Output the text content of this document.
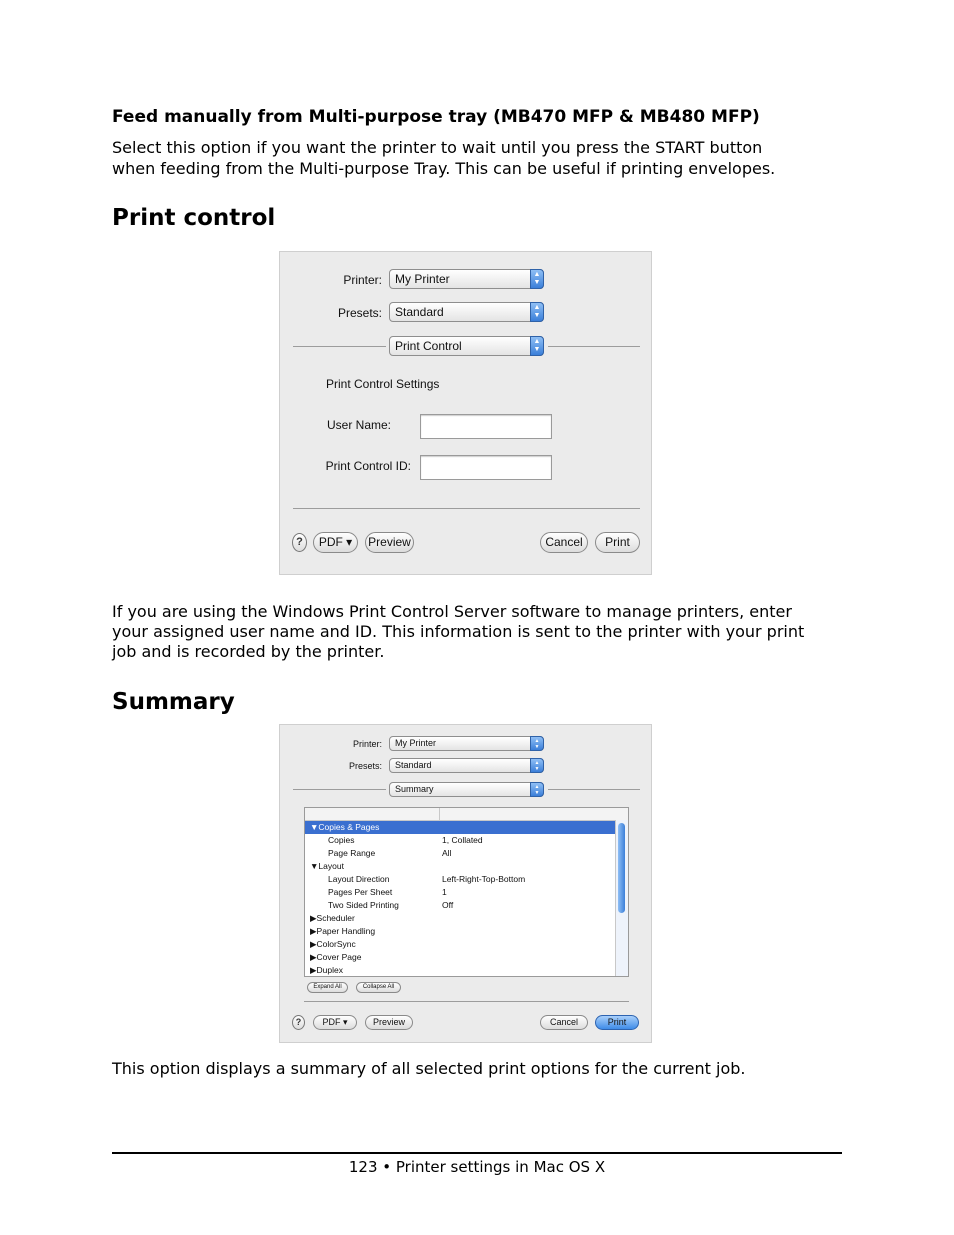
Feed manually from Multi-purpose tray (MB470 MFP & MB480 MFP)
Select this option if you want the printer to wait until you press the START button
when feeding from the Multi-purpose Tray. This can be useful if printing envelopes.
Print control
Printer: My Printer	▲
▼
Presets: Standard	▲
▼
Print Control	▲
▼
Print Control Settings
User Name:
Print Control ID:
?	PDF ▾	Preview	Cancel	Print
If you are using the Windows Print Control Server software to manage printers, enter
your assigned user name and ID. This information is sent to the printer with your print
job and is recorded by the printer.
Summary
Printer: My Printer	▲
▼
Presets: Standard	▲
▼
Summary	▲
▼
▼Copies & Pages
Copies	1, Collated
Page Range	All
▼Layout
Layout Direction	Left-Right-Top-Bottom
Pages Per Sheet	1
Two Sided Printing	Off
▶Scheduler
▶Paper Handling
▶ColorSync
▶Cover Page
▶Duplex
Expand All	Collapse All
?	PDF ▾	Preview	Cancel	Print
This option displays a summary of all selected print options for the current job.
123 • Printer settings in Mac OS X
